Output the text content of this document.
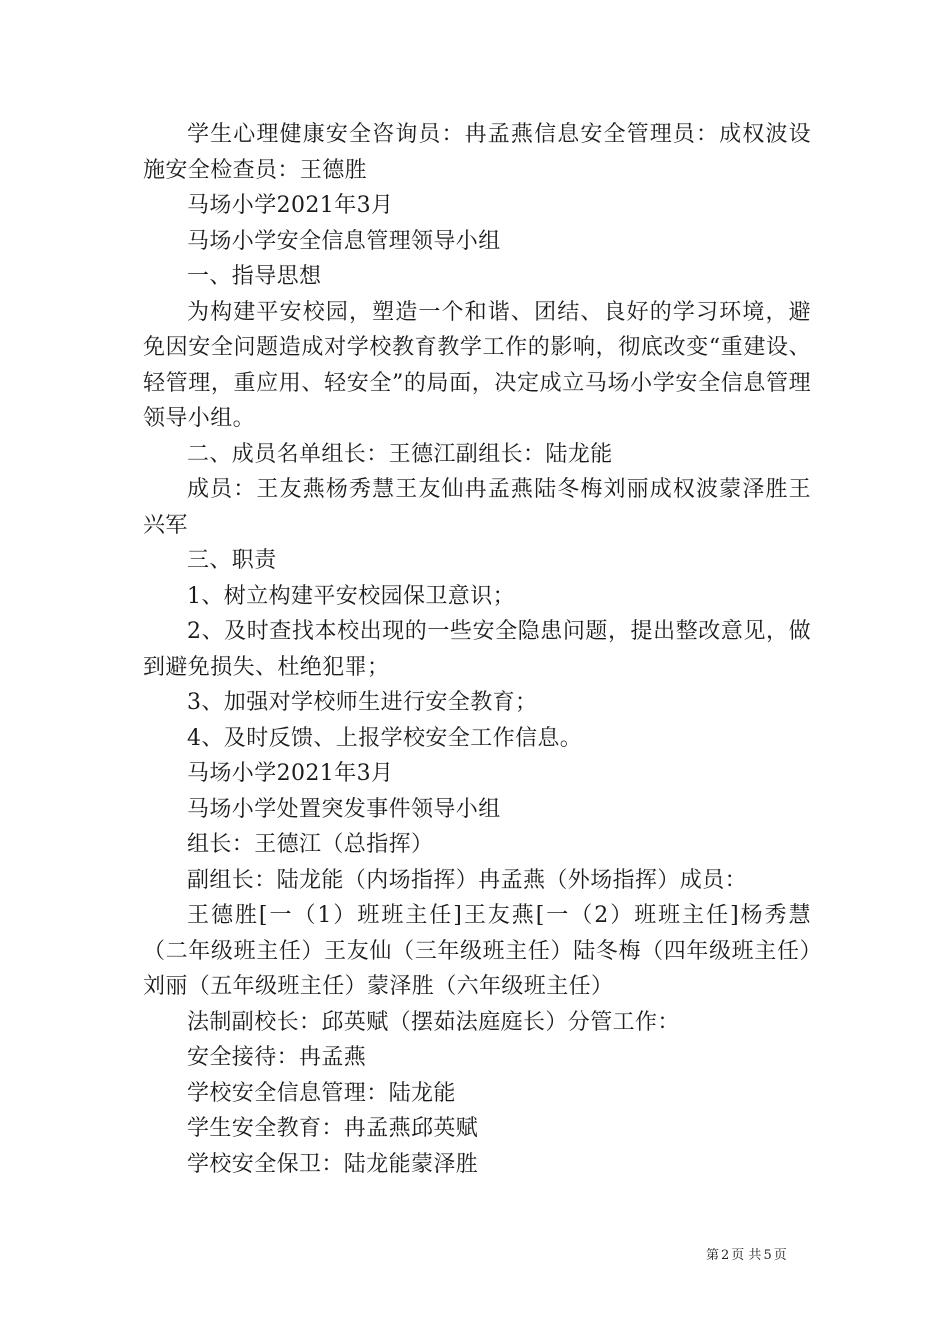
学生心理健康安全咨询员：冉孟燕信息安全管理员：成权波设施安全检查员：王德胜

马场小学2021年3月

马场小学安全信息管理领导小组

一、指导思想

为构建平安校园，塑造一个和谐、团结、良好的学习环境，避免因安全问题造成对学校教育教学工作的影响，彻底改变“重建设、轻管理，重应用、轻安全”的局面，决定成立马场小学安全信息管理领导小组。

二、成员名单组长：王德江副组长：陆龙能

成员：王友燕杨秀慧王友仙冉孟燕陆冬梅刘丽成权波蒙泽胜王兴军

三、职责

1、树立构建平安校园保卫意识；

2、及时查找本校出现的一些安全隐患问题，提出整改意见，做到避免损失、杜绝犯罪；

3、加强对学校师生进行安全教育；

4、及时反馈、上报学校安全工作信息。

马场小学2021年3月

马场小学处置突发事件领导小组

组长：王德江（总指挥）

副组长：陆龙能（内场指挥）冉孟燕（外场指挥）成员：

王德胜[一（1）班班主任]王友燕[一（2）班班主任]杨秀慧（二年级班主任）王友仙（三年级班主任）陆冬梅（四年级班主任）刘丽（五年级班主任）蒙泽胜（六年级班主任）

法制副校长：邱英赋（摆茹法庭庭长）分管工作：

安全接待：冉孟燕

学校安全信息管理：陆龙能

学生安全教育：冉孟燕邱英赋

学校安全保卫：陆龙能蒙泽胜

第 2 页 共 5 页
